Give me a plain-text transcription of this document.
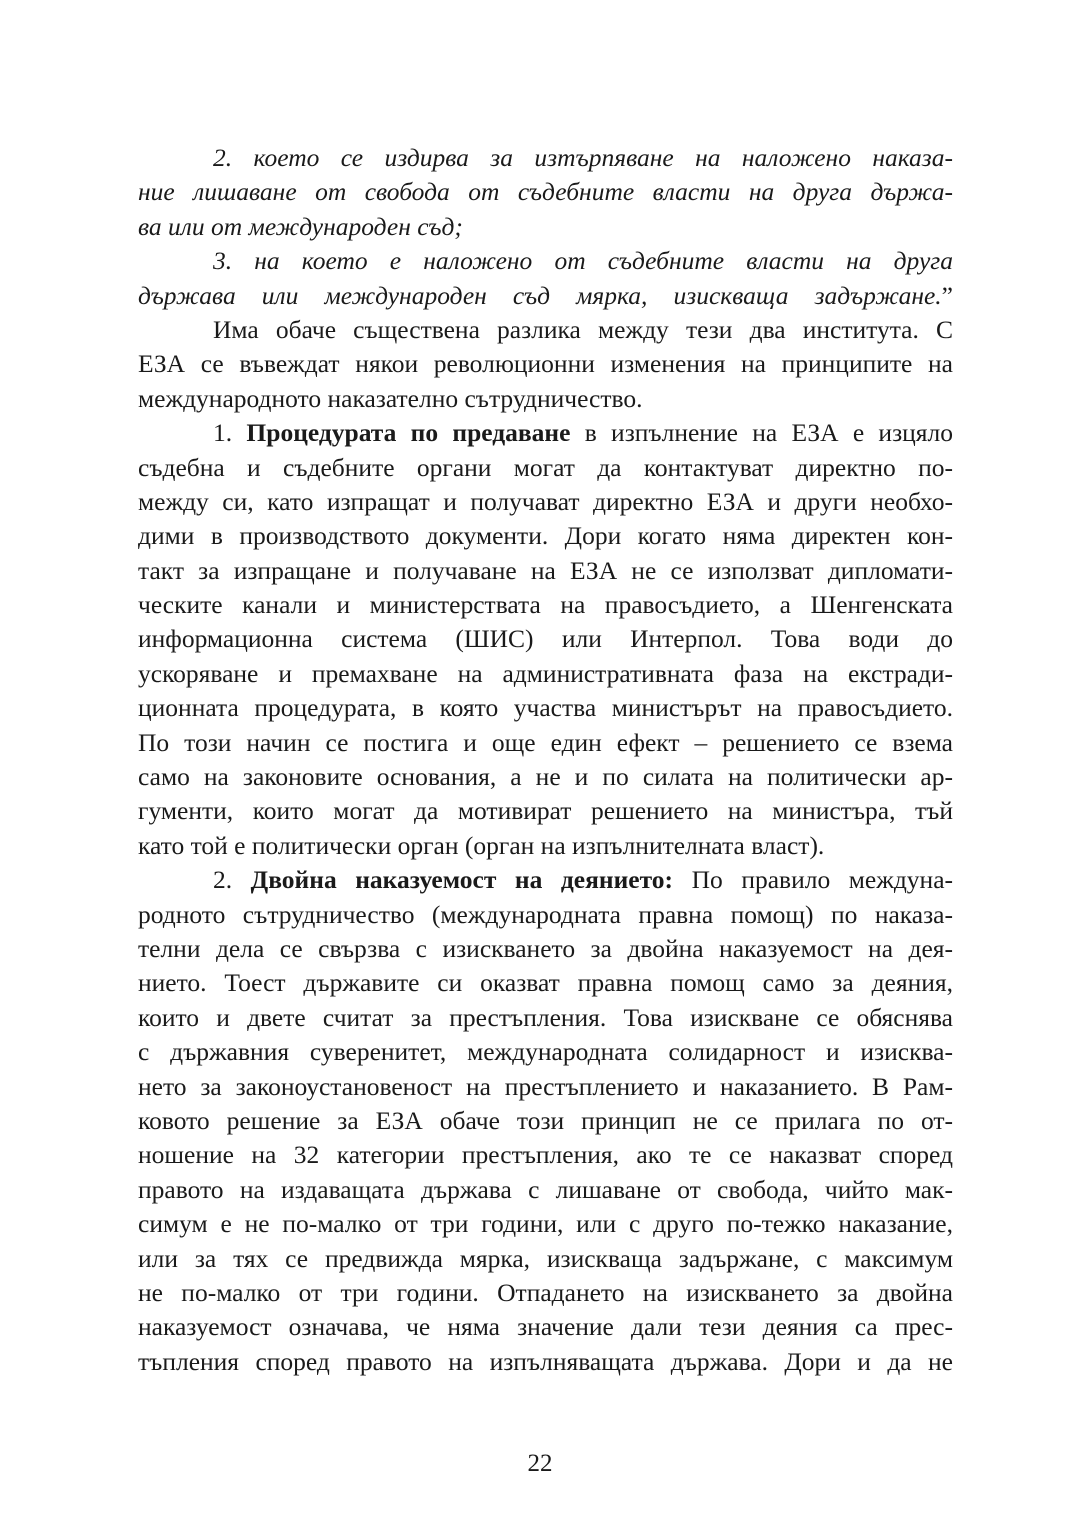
2. което се издирва за изтърпяване на наложено наказа-
ние лишаване от свобода от съдебните власти на друга държа-
ва или от международен съд;
3. на което е наложено от съдебните власти на друга
държава или международен съд мярка, изискваща задържане.”
Има обаче съществена разлика между тези два института. С
ЕЗА се въвеждат някои революционни изменения на принципите на
международното наказателно сътрудничество.
1. Процедурата по предаване в изпълнение на ЕЗА е изцяло
съдебна и съдебните органи могат да контактуват директно по-
между си, като изпращат и получават директно ЕЗА и други необхо-
дими в производството документи. Дори когато няма директен кон-
такт за изпращане и получаване на ЕЗА не се използват дипломати-
ческите канали и министерствата на правосъдието, а Шенгенската
информационна система (ШИС) или Интерпол. Това води до
ускоряване и премахване на административната фаза на екстради-
ционната процедурата, в която участва министърът на правосъдието.
По този начин се постига и още един ефект – решението се взема
само на законовите основания, а не и по силата на политически ар-
гументи, които могат да мотивират решението на министъра, тъй
като той е политически орган (орган на изпълнителната власт).
2. Двойна наказуемост на деянието: По правило междуна-
родното сътрудничество (международната правна помощ) по наказа-
телни дела се свързва с изискването за двойна наказуемост на дея-
нието. Тоест държавите си оказват правна помощ само за деяния,
които и двете считат за престъпления. Това изискване се обяснява
с държавния суверенитет, международната солидарност и изисква-
нето за законоустановеност на престъплението и наказанието. В Рам-
ковото решение за ЕЗА обаче този принцип не се прилага по от-
ношение на 32 категории престъпления, ако те се наказват според
правото на издаващата държава с лишаване от свобода, чийто мак-
симум е не по-малко от три години, или с друго по-тежко наказание,
или за тях се предвижда мярка, изискваща задържане, с максимум
не по-малко от три години. Отпадането на изискването за двойна
наказуемост означава, че няма значение дали тези деяния са прес-
тъпления според правото на изпълняващата държава. Дори и да не
22
